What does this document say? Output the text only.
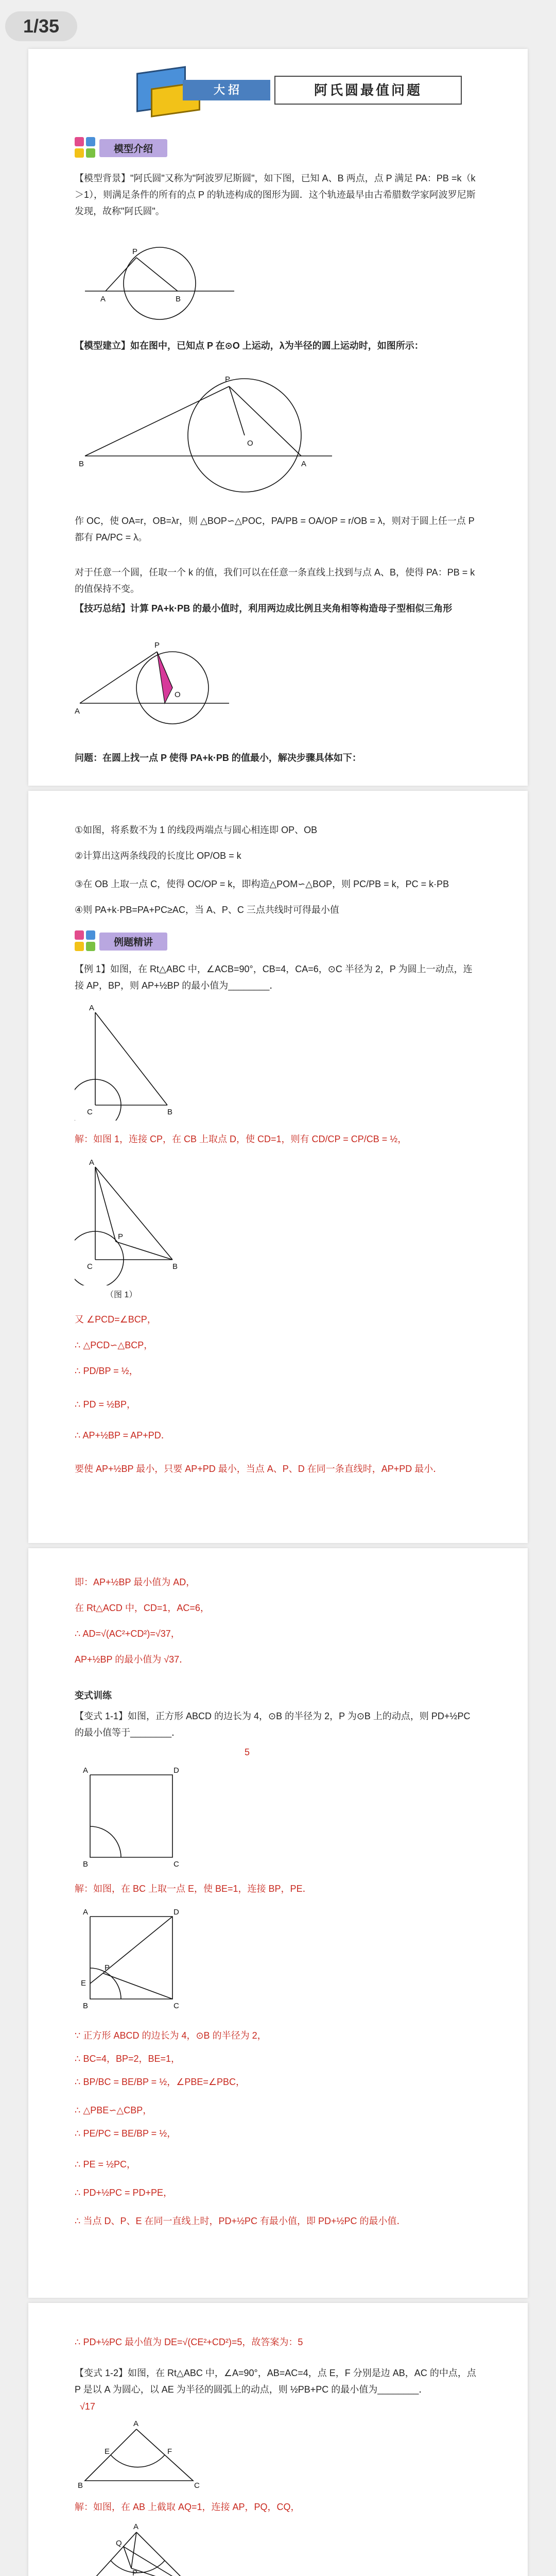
1/35
大 招	阿氏圆最值问题
模型介绍
【模型背景】"阿氏圆"又称为"阿波罗尼斯圆"，如下图，已知 A、B 两点，点 P 满足 PA：PB =k（k＞1），则满足条件的所有的点 P 的轨迹构成的图形为圆．这个轨迹最早由古希腊数学家阿波罗尼斯发现，故称"阿氏圆"。
P
A	B
【模型建立】如在图中，已知点 P 在⊙O 上运动，λ为半径的圆上运动时，如图所示：
P
B
O
A
作 OC，使 OA=r，OB=λr，则 △BOP∽△POC，PA/PB = OA/OP = r/OB = λ，则对于圆上任一点 P 都有 PA/PC = λ。
对于任意一个圆，任取一个 k 的值，我们可以在任意一条直线上找到与点 A、B，使得 PA：PB = k 的值保持不变。
【技巧总结】计算 PA+k·PB 的最小值时，利用两边成比例且夹角相等构造母子型相似三角形
P
A
O
问题：在圆上找一点 P 使得 PA+k·PB 的值最小，解决步骤具体如下：
①如图，将系数不为 1 的线段两端点与圆心相连即 OP、OB
②计算出这两条线段的长度比 OP/OB = k
③在 OB 上取一点 C，使得 OC/OP = k，即构造△POM∽△BOP，则 PC/PB = k，PC = k·PB
④则 PA+k·PB=PA+PC≥AC，当 A、P、C 三点共线时可得最小值
例题精讲
【例 1】如图，在 Rt△ABC 中，∠ACB=90°，CB=4，CA=6，⊙C 半径为 2，P 为圆上一动点，连接 AP，BP，则 AP+½BP 的最小值为________．
A
C	B
解：如图 1，连接 CP，在 CB 上取点 D，使 CD=1，则有 CD/CP = CP/CB = ½，
A
C	B
P
（图 1）
又 ∠PCD=∠BCP，
∴ △PCD∽△BCP，
∴ PD/BP = ½，
∴ PD = ½BP，
∴ AP+½BP = AP+PD．
要使 AP+½BP 最小，只要 AP+PD 最小，当点 A、P、D 在同一条直线时，AP+PD 最小．
即：AP+½BP 最小值为 AD，
在 Rt△ACD 中，CD=1，AC=6，
∴ AD=√(AC²+CD²)=√37，
AP+½BP 的最小值为 √37．
变式训练
【变式 1-1】如图，正方形 ABCD 的边长为 4，⊙B 的半径为 2，P 为⊙B 上的动点，则 PD+½PC 的最小值等于________．
5
A	D
B	C
解：如图，在 BC 上取一点 E，使 BE=1，连接 BP，PE．
A	D
B	C
P
E
∵ 正方形 ABCD 的边长为 4，⊙B 的半径为 2，
∴ BC=4，BP=2，BE=1，
∴ BP/BC = BE/BP = ½，∠PBE=∠PBC，
∴ △PBE∽△CBP，
∴ PE/PC = BE/BP = ½，
∴ PE = ½PC，
∴ PD+½PC = PD+PE，
∴ 当点 D、P、E 在同一直线上时，PD+½PC 有最小值，即 PD+½PC 的最小值．
∴ PD+½PC 最小值为 DE=√(CE²+CD²)=5，故答案为：5
【变式 1-2】如图，在 Rt△ABC 中，∠A=90°，AB=AC=4，点 E，F 分别是边 AB，AC 的中点，点 P 是以 A 为圆心，以 AE 为半径的圆弧上的动点，则 ½PB+PC 的最小值为________．
√17
A
B	C
E	F
解：如图，在 AB 上截取 AQ=1，连接 AP，PQ，CQ，
A
Q
P
